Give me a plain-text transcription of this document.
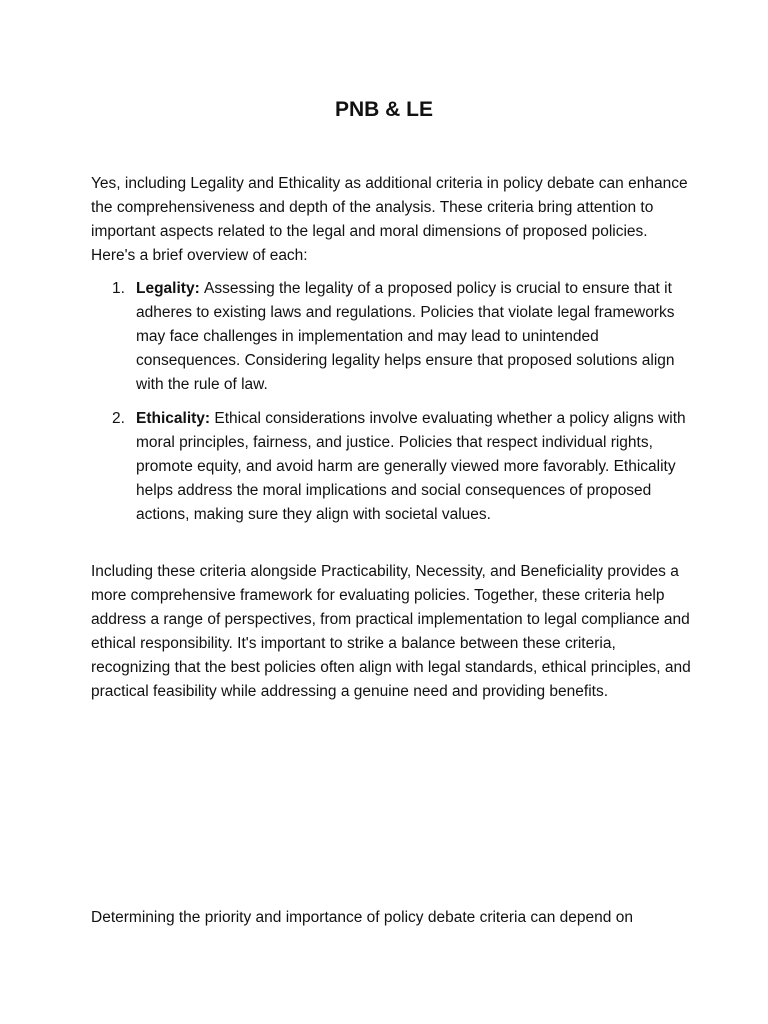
PNB & LE

Yes, including Legality and Ethicality as additional criteria in policy debate can enhance the comprehensiveness and depth of the analysis. These criteria bring attention to important aspects related to the legal and moral dimensions of proposed policies. Here's a brief overview of each:

1. Legality: Assessing the legality of a proposed policy is crucial to ensure that it adheres to existing laws and regulations. Policies that violate legal frameworks may face challenges in implementation and may lead to unintended consequences. Considering legality helps ensure that proposed solutions align with the rule of law.
2. Ethicality: Ethical considerations involve evaluating whether a policy aligns with moral principles, fairness, and justice. Policies that respect individual rights, promote equity, and avoid harm are generally viewed more favorably. Ethicality helps address the moral implications and social consequences of proposed actions, making sure they align with societal values.

Including these criteria alongside Practicability, Necessity, and Beneficiality provides a more comprehensive framework for evaluating policies. Together, these criteria help address a range of perspectives, from practical implementation to legal compliance and ethical responsibility. It's important to strike a balance between these criteria, recognizing that the best policies often align with legal standards, ethical principles, and practical feasibility while addressing a genuine need and providing benefits.

Determining the priority and importance of policy debate criteria can depend on
